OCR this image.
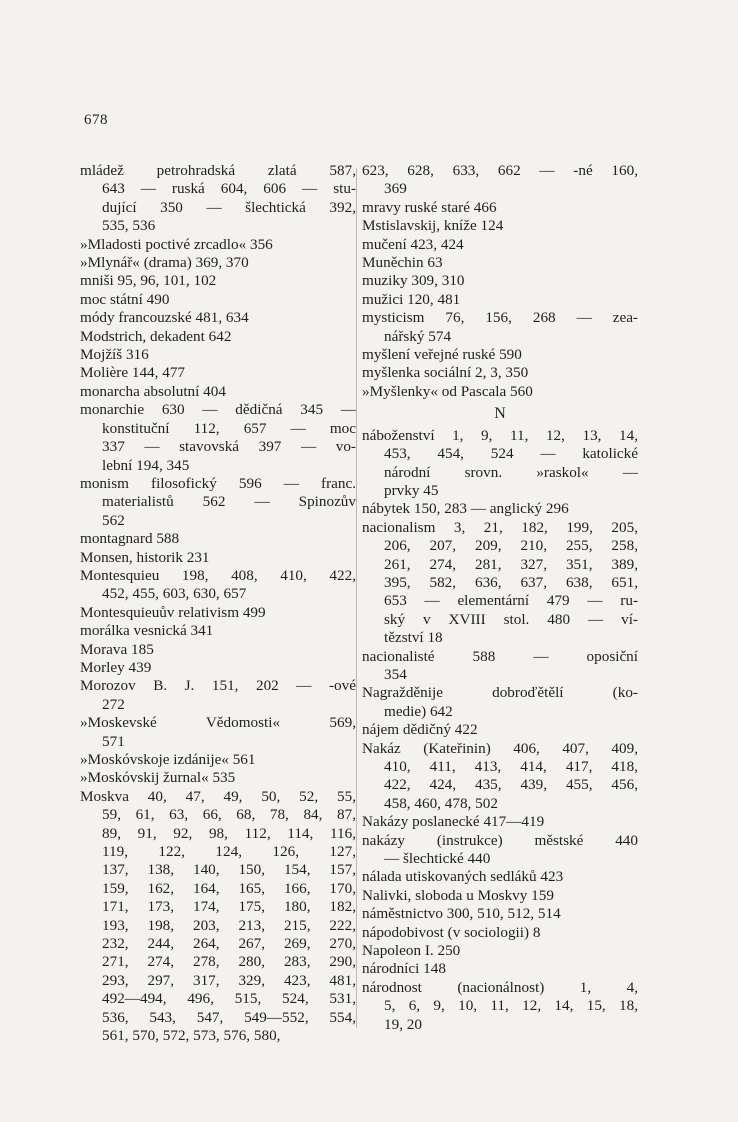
678
mládež petrohradská zlatá 587,
643 — ruská 604, 606 — stu-
dující 350 — šlechtická 392,
535, 536
»Mladosti poctivé zrcadlo« 356
»Mlynář« (drama) 369, 370
mniši 95, 96, 101, 102
moc státní 490
módy francouzské 481, 634
Modstrich, dekadent 642
Mojžíš 316
Molière 144, 477
monarcha absolutní 404
monarchie 630 — dědičná 345 —
konstituční 112, 657 — moc
337 — stavovská 397 — vo-
lební 194, 345
monism filosofický 596 — franc.
materialistů 562 — Spinozův
562
montagnard 588
Monsen, historik 231
Montesquieu 198, 408, 410, 422,
452, 455, 603, 630, 657
Montesquieuův relativism 499
morálka vesnická 341
Morava 185
Morley 439
Morozov B. J. 151, 202 — -ové
272
»Moskevské Vědomosti« 569,
571
»Moskóvskoje izdánije« 561
»Moskóvskij žurnal« 535
Moskva 40, 47, 49, 50, 52, 55,
59, 61, 63, 66, 68, 78, 84, 87,
89, 91, 92, 98, 112, 114, 116,
119, 122, 124, 126, 127,
137, 138, 140, 150, 154, 157,
159, 162, 164, 165, 166, 170,
171, 173, 174, 175, 180, 182,
193, 198, 203, 213, 215, 222,
232, 244, 264, 267, 269, 270,
271, 274, 278, 280, 283, 290,
293, 297, 317, 329, 423, 481,
492—494, 496, 515, 524, 531,
536, 543, 547, 549—552, 554,
561, 570, 572, 573, 576, 580,
623, 628, 633, 662 — -né 160,
369
mravy ruské staré 466
Mstislavskij, kníže 124
mučení 423, 424
Muněchin 63
muziky 309, 310
mužici 120, 481
mysticism 76, 156, 268 — zea-
nářský 574
myšlení veřejné ruské 590
myšlenka sociální 2, 3, 350
»Myšlenky« od Pascala 560
N
náboženství 1, 9, 11, 12, 13, 14,
453, 454, 524 — katolické
národní srovn. »raskol« —
prvky 45
nábytek 150, 283 — anglický 296
nacionalism 3, 21, 182, 199, 205,
206, 207, 209, 210, 255, 258,
261, 274, 281, 327, 351, 389,
395, 582, 636, 637, 638, 651,
653 — elementární 479 — ru-
ský v XVIII stol. 480 — ví-
tězství 18
nacionalisté 588 — oposiční
354
Nagražděnije dobroďětělí (ko-
medie) 642
nájem dědičný 422
Nakáz (Kateřinin) 406, 407, 409,
410, 411, 413, 414, 417, 418,
422, 424, 435, 439, 455, 456,
458, 460, 478, 502
Nakázy poslanecké 417—419
nakázy (instrukce) městské 440
— šlechtické 440
nálada utiskovaných sedláků 423
Nalivki, sloboda u Moskvy 159
náměstnictvo 300, 510, 512, 514
nápodobivost (v sociologii) 8
Napoleon I. 250
národníci 148
národnost (nacionálnost) 1, 4,
5, 6, 9, 10, 11, 12, 14, 15, 18,
19, 20
